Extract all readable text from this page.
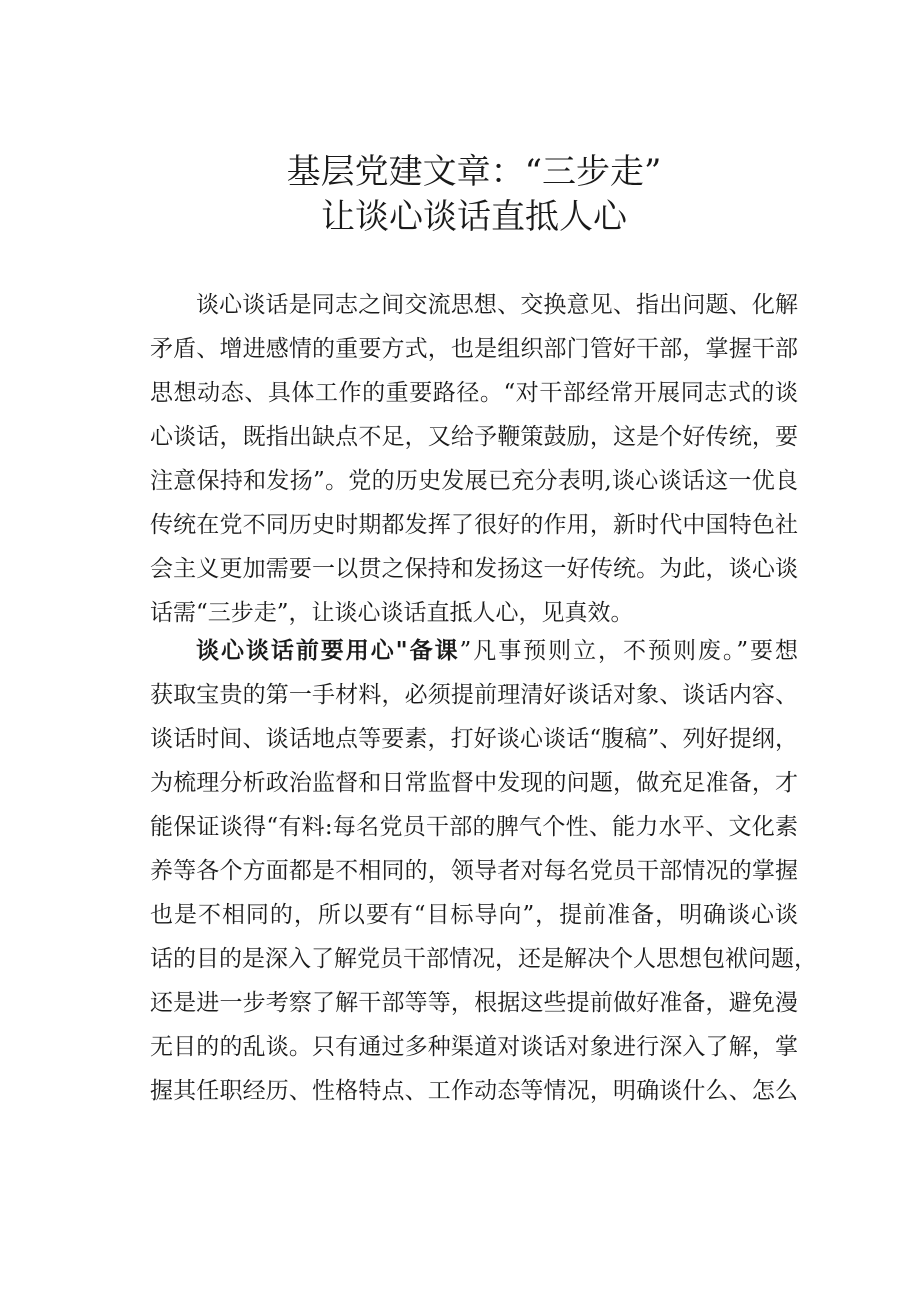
基层党建文章：“三步走”
让谈心谈话直抵人心
谈心谈话是同志之间交流思想、交换意见、指出问题、化解
矛盾、增进感情的重要方式，也是组织部门管好干部，掌握干部
思想动态、具体工作的重要路径。“对干部经常开展同志式的谈
心谈话，既指出缺点不足，又给予鞭策鼓励，这是个好传统，要
注意保持和发扬”。党的历史发展已充分表明,谈心谈话这一优良
传统在党不同历史时期都发挥了很好的作用，新时代中国特色社
会主义更加需要一以贯之保持和发扬这一好传统。为此，谈心谈
话需“三步走”，让谈心谈话直抵人心，见真效。
谈心谈话前要用心"备课”凡事预则立，不预则废。”要想
获取宝贵的第一手材料，必须提前理清好谈话对象、谈话内容、
谈话时间、谈话地点等要素，打好谈心谈话“腹稿”、列好提纲，
为梳理分析政治监督和日常监督中发现的问题，做充足准备，才
能保证谈得“有料:每名党员干部的脾气个性、能力水平、文化素
养等各个方面都是不相同的，领导者对每名党员干部情况的掌握
也是不相同的，所以要有“目标导向”，提前准备，明确谈心谈
话的目的是深入了解党员干部情况，还是解决个人思想包袱问题，
还是进一步考察了解干部等等，根据这些提前做好准备，避免漫
无目的的乱谈。只有通过多种渠道对谈话对象进行深入了解，掌
握其任职经历、性格特点、工作动态等情况，明确谈什么、怎么
